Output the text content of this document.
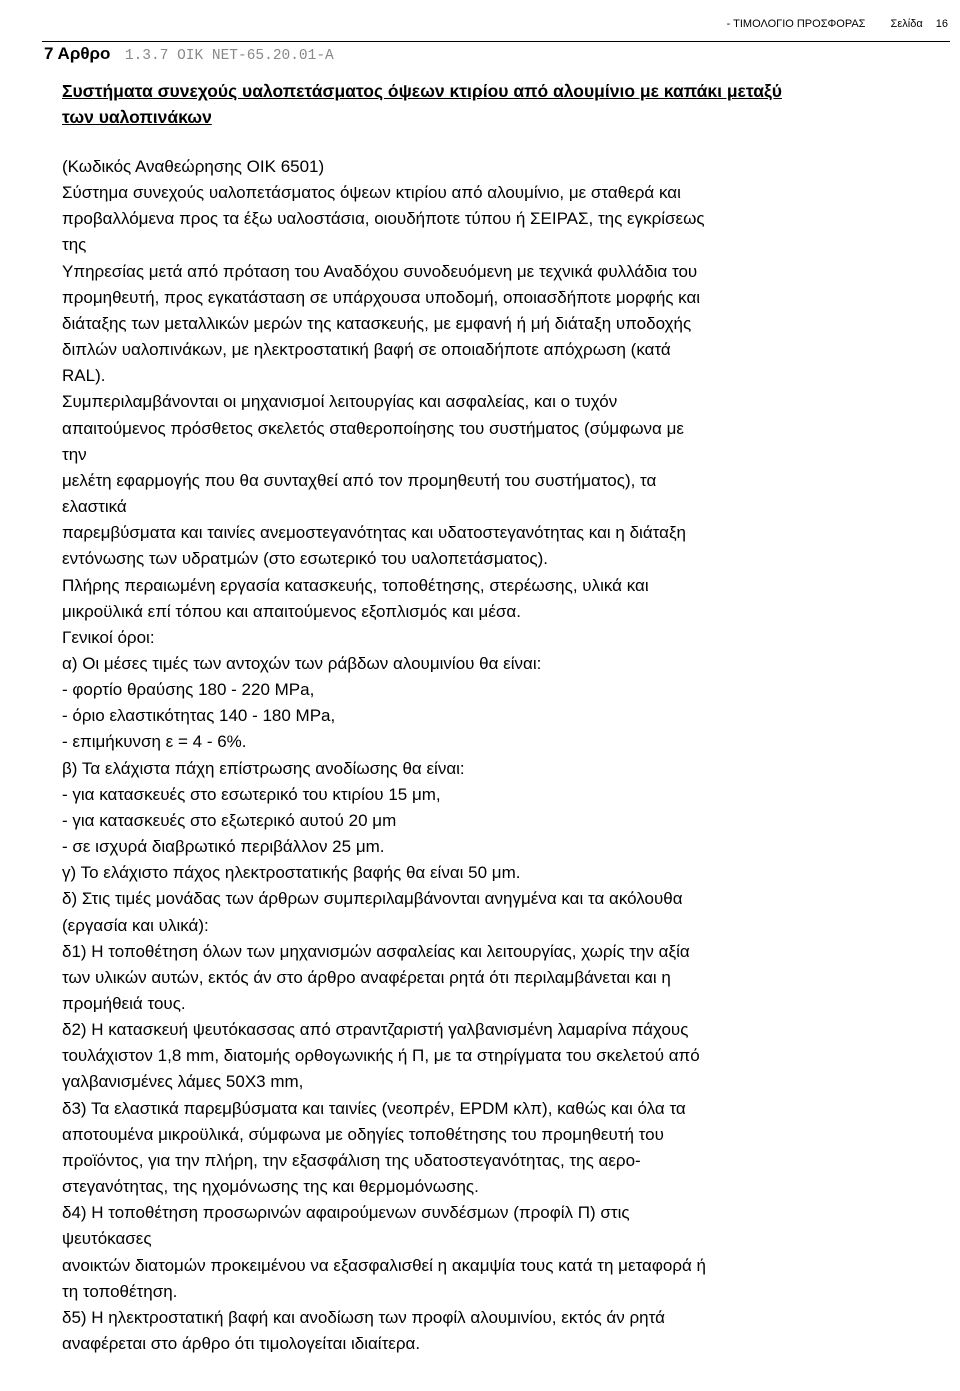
- ΤΙΜΟΛΟΓΙΟ ΠΡΟΣΦΟΡΑΣ Σελίδα 16
7 Αρθρο 1.3.7 ΟΙΚ ΝΕΤ-65.20.01-Α
Συστήματα συνεχούς υαλοπετάσματος όψεων κτιρίου από αλουμίνιο με καπάκι μεταξύ
των υαλοπινάκων

(Κωδικός Αναθεώρησης ΟΙΚ 6501)

Σύστημα συνεχούς υαλοπετάσματος όψεων κτιρίου από αλουμίνιο, με σταθερά και

προβαλλόμενα προς τα έξω υαλοστάσια, οιουδήποτε τύπου ή ΣΕΙΡΑΣ, της εγκρίσεως

της

Υπηρεσίας μετά από πρόταση του Αναδόχου συνοδευόμενη με τεχνικά φυλλάδια του

προμηθευτή, προς εγκατάσταση σε υπάρχουσα υποδομή, οποιασδήποτε μορφής και

διάταξης των μεταλλικών μερών της κατασκευής, με εμφανή ή μή διάταξη υποδοχής

διπλών υαλοπινάκων, με ηλεκτροστατική βαφή σε οποιαδήποτε απόχρωση (κατά

RAL).

Συμπεριλαμβάνονται οι μηχανισμοί λειτουργίας και ασφαλείας, και ο τυχόν

απαιτούμενος πρόσθετος σκελετός σταθεροποίησης του συστήματος (σύμφωνα με

την

μελέτη εφαρμογής που θα συνταχθεί από τον προμηθευτή του συστήματος), τα

ελαστικά

παρεμβύσματα και ταινίες ανεμοστεγανότητας και υδατοστεγανότητας και η διάταξη

εντόνωσης των υδρατμών (στο εσωτερικό του υαλοπετάσματος).

Πλήρης περαιωμένη εργασία κατασκευής, τοποθέτησης, στερέωσης, υλικά και

μικροϋλικά επί τόπου και απαιτούμενος εξοπλισμός και μέσα.

Γενικοί όροι:

α) Οι μέσες τιμές των αντοχών των ράβδων αλουμινίου θα είναι:

- φορτίο θραύσης 180 - 220 MPa,

- όριο ελαστικότητας 140 - 180 MPa,

- επιμήκυνση ε = 4 - 6%.

β) Τα ελάχιστα πάχη επίστρωσης ανοδίωσης θα είναι:

- για κατασκευές στο εσωτερικό του κτιρίου 15 μm,

- για κατασκευές στο εξωτερικό αυτού 20 μm

- σε ισχυρά διαβρωτικό περιβάλλον 25 μm.

γ) Το ελάχιστο πάχος ηλεκτροστατικής βαφής θα είναι 50 μm.

δ) Στις τιμές μονάδας των άρθρων συμπεριλαμβάνονται ανηγμένα και τα ακόλουθα

(εργασία και υλικά):

δ1) Η τοποθέτηση όλων των μηχανισμών ασφαλείας και λειτουργίας, χωρίς την αξία

των υλικών αυτών, εκτός άν στο άρθρο αναφέρεται ρητά ότι περιλαμβάνεται και η

προμήθειά τους.

δ2) Η κατασκευή ψευτόκασσας από στραντζαριστή γαλβανισμένη λαμαρίνα πάχους

τουλάχιστον 1,8 mm, διατομής ορθογωνικής ή Π, με τα στηρίγματα του σκελετού από

γαλβανισμένες λάμες 50Χ3 mm,

δ3) Τα ελαστικά παρεμβύσματα και ταινίες (νεοπρέν, EPDM κλπ), καθώς και όλα τα

αποτουμένα μικροϋλικά, σύμφωνα με οδηγίες τοποθέτησης του προμηθευτή του

προϊόντος, για την πλήρη, την εξασφάλιση της υδατοστεγανότητας, της αερο-

στεγανότητας, της ηχομόνωσης της και θερμομόνωσης.

δ4) Η τοποθέτηση προσωρινών αφαιρούμενων συνδέσμων (προφίλ Π) στις

ψευτόκασες

ανοικτών διατομών προκειμένου να εξασφαλισθεί η ακαμψία τους κατά τη μεταφορά ή

τη τοποθέτηση.

δ5) Η ηλεκτροστατική βαφή και ανοδίωση των προφίλ αλουμινίου, εκτός άν ρητά

αναφέρεται στο άρθρο ότι τιμολογείται ιδιαίτερα.
